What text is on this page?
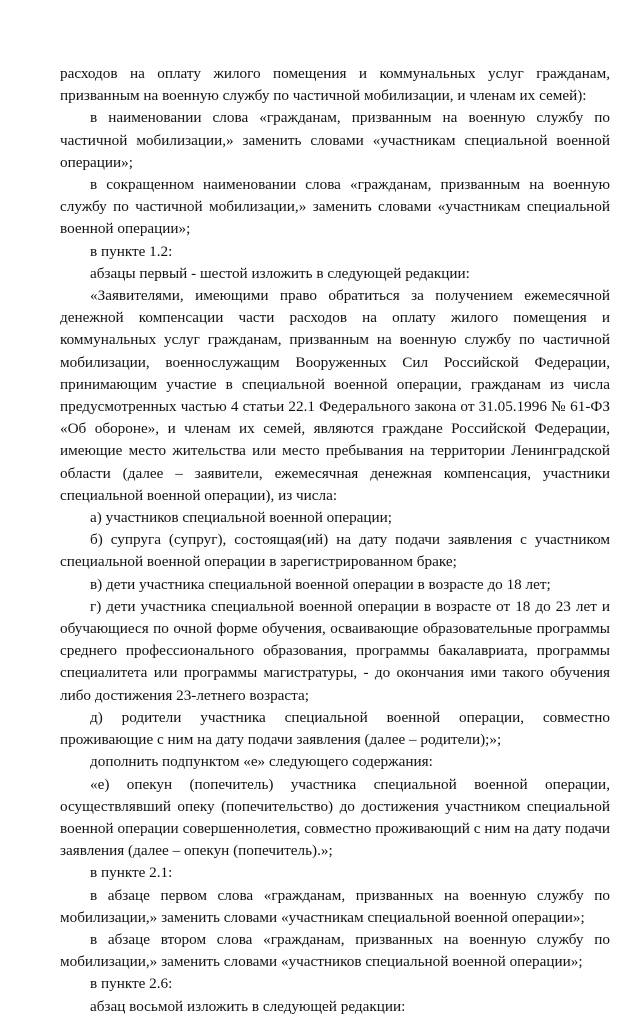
расходов на оплату жилого помещения и коммунальных услуг гражданам, призванным на военную службу по частичной мобилизации, и членам их семей):

в наименовании слова «гражданам, призванным на военную службу по частичной мобилизации,» заменить словами «участникам специальной военной операции»;

в сокращенном наименовании слова «гражданам, призванным на военную службу по частичной мобилизации,» заменить словами «участникам специальной военной операции»;

в пункте 1.2:

абзацы первый - шестой изложить в следующей редакции:

«Заявителями, имеющими право обратиться за получением ежемесячной денежной компенсации части расходов на оплату жилого помещения и коммунальных услуг гражданам, призванным на военную службу по частичной мобилизации, военнослужащим Вооруженных Сил Российской Федерации, принимающим участие в специальной военной операции, гражданам из числа предусмотренных частью 4 статьи 22.1 Федерального закона от 31.05.1996 № 61-ФЗ «Об обороне», и членам их семей, являются граждане Российской Федерации, имеющие место жительства или место пребывания на территории Ленинградской области (далее – заявители, ежемесячная денежная компенсация, участники специальной военной операции), из числа:

а) участников специальной военной операции;

б) супруга (супруг), состоящая(ий) на дату подачи заявления с участником специальной военной операции в зарегистрированном браке;

в) дети участника специальной военной операции в возрасте до 18 лет;

г) дети участника специальной военной операции в возрасте от 18 до 23 лет и обучающиеся по очной форме обучения, осваивающие образовательные программы среднего профессионального образования, программы бакалавриата, программы специалитета или программы магистратуры, - до окончания ими такого обучения либо достижения 23-летнего возраста;

д) родители участника специальной военной операции, совместно проживающие с ним на дату подачи заявления (далее – родители);»;

дополнить подпунктом «е» следующего содержания:

«е) опекун (попечитель) участника специальной военной операции, осуществлявший опеку (попечительство) до достижения участником специальной военной операции совершеннолетия, совместно проживающий с ним на дату подачи заявления (далее – опекун (попечитель).»;

в пункте 2.1:

в абзаце первом слова «гражданам, призванных на военную службу по мобилизации,» заменить словами «участникам специальной военной операции»;

в абзаце втором слова «гражданам, призванных на военную службу по мобилизации,» заменить словами «участников специальной военной операции»;

в пункте 2.6:

абзац восьмой изложить в следующей редакции:
